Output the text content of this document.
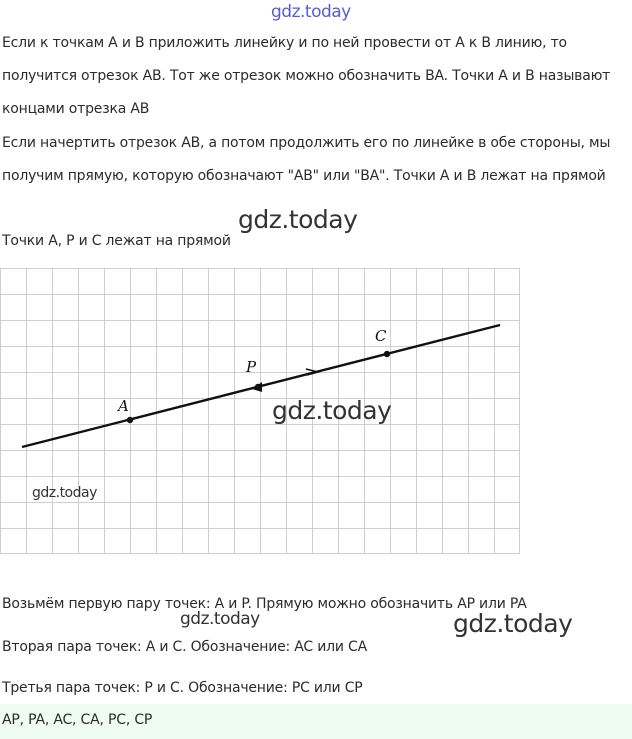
gdz.today

Если к точкам A и B приложить линейку и по ней провести от A к B линию, то получится отрезок AB. Тот же отрезок можно обозначить BA. Точки A и B называют концами отрезка AB

Если начертить отрезок AB, а потом продолжить его по линейке в обе стороны, мы получим прямую, которую обозначают "AB" или "BA". Точки A и B лежат на прямой

Точки A, P и C лежат на прямой
gdz.today
A
P
C
gdz.today
gdz.today
Возьмём первую пару точек: A и P. Прямую можно обозначить AP или PA
gdz.today	gdz.today
Вторая пара точек: A и C. Обозначение: AC или CA
Третья пара точек: P и C. Обозначение: PC или CP
AP, PA, AC, CA, PC, CP
